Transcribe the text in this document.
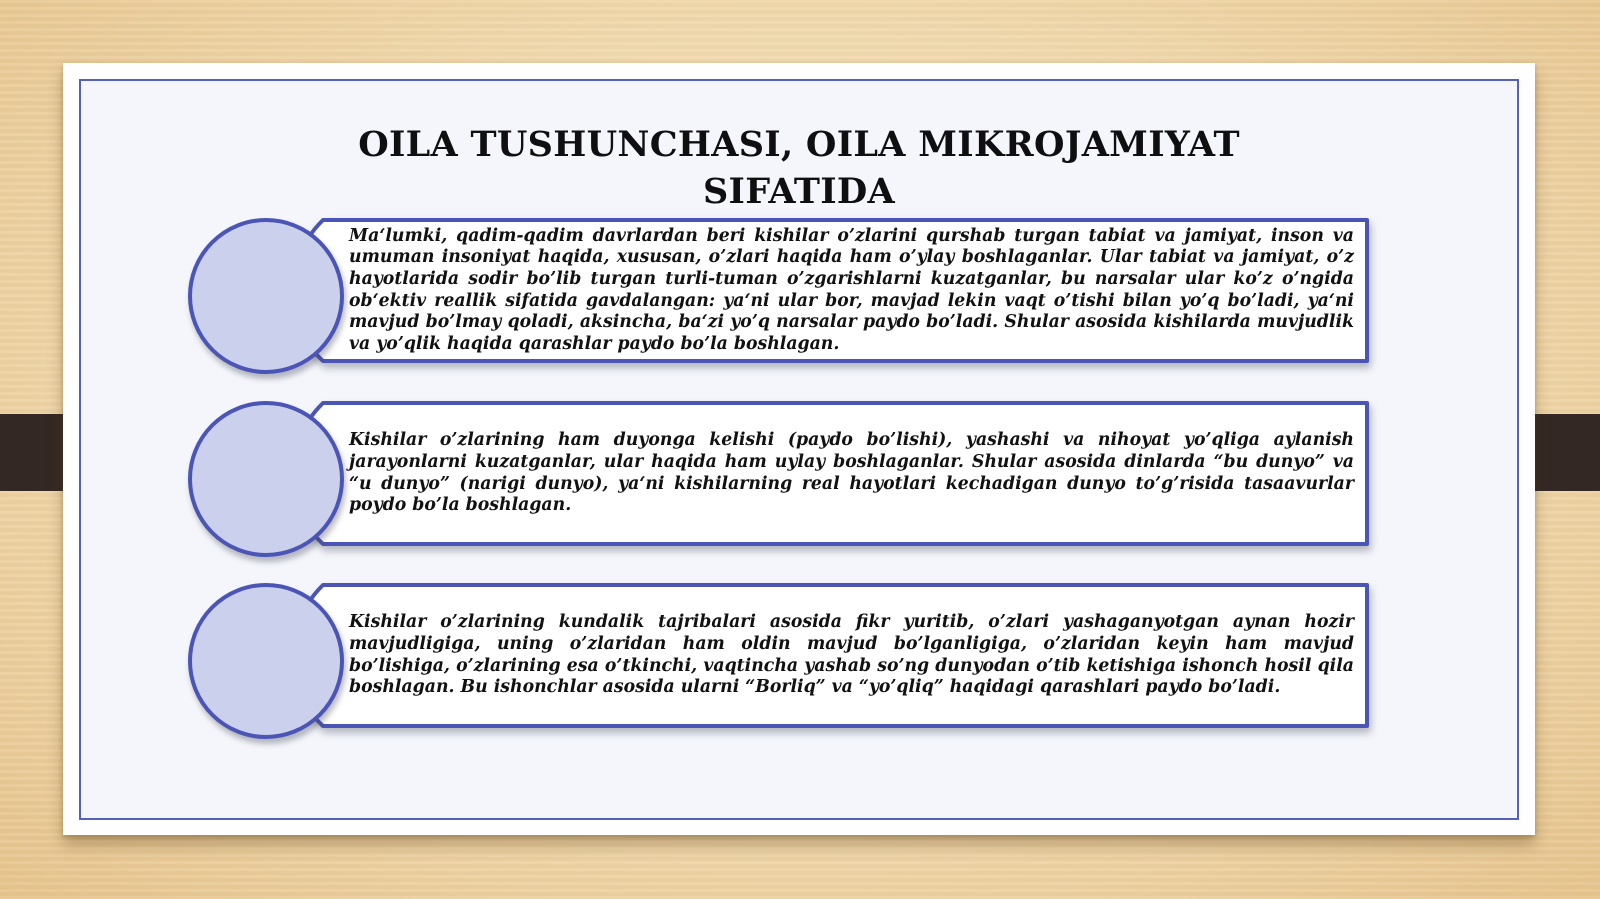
OILA TUSHUNCHASI, OILA MIKROJAMIYAT
SIFATIDA
Ma‘lumki, qadim-qadim davrlardan beri kishilar o’zlarini qurshab turgan tabiat va jamiyat, inson va umuman insoniyat haqida, xususan, o’zlari haqida ham o’ylay boshlaganlar. Ular tabiat va jamiyat, o’z hayotlarida sodir bo’lib turgan turli-tuman o’zgarishlarni kuzatganlar, bu narsalar ular ko’z o’ngida ob‘ektiv reallik sifatida gavdalangan: ya‘ni ular bor, mavjad lekin vaqt o’tishi bilan yo’q bo’ladi, ya‘ni mavjud bo’lmay qoladi, aksincha, ba‘zi yo’q narsalar paydo bo’ladi. Shular asosida kishilarda muvjudlik va yo’qlik haqida qarashlar paydo bo’la boshlagan.
Kishilar o’zlarining ham duyonga kelishi (paydo bo’lishi), yashashi va nihoyat yo’qliga aylanish jarayonlarni kuzatganlar, ular haqida ham uylay boshlaganlar. Shular asosida dinlarda “bu dunyo” va “u dunyo” (narigi dunyo), ya‘ni kishilarning real hayotlari kechadigan dunyo to’g’risida tasaavurlar poydo bo’la boshlagan.
Kishilar o’zlarining kundalik tajribalari asosida fikr yuritib, o’zlari yashaganyotgan aynan hozir mavjudligiga, uning o’zlaridan ham oldin mavjud bo’lganligiga, o’zlaridan keyin ham mavjud bo’lishiga, o’zlarining esa o’tkinchi, vaqtincha yashab so’ng dunyodan o’tib ketishiga ishonch hosil qila boshlagan. Bu ishonchlar asosida ularni “Borliq” va “yo’qliq” haqidagi qarashlari paydo bo’ladi.
